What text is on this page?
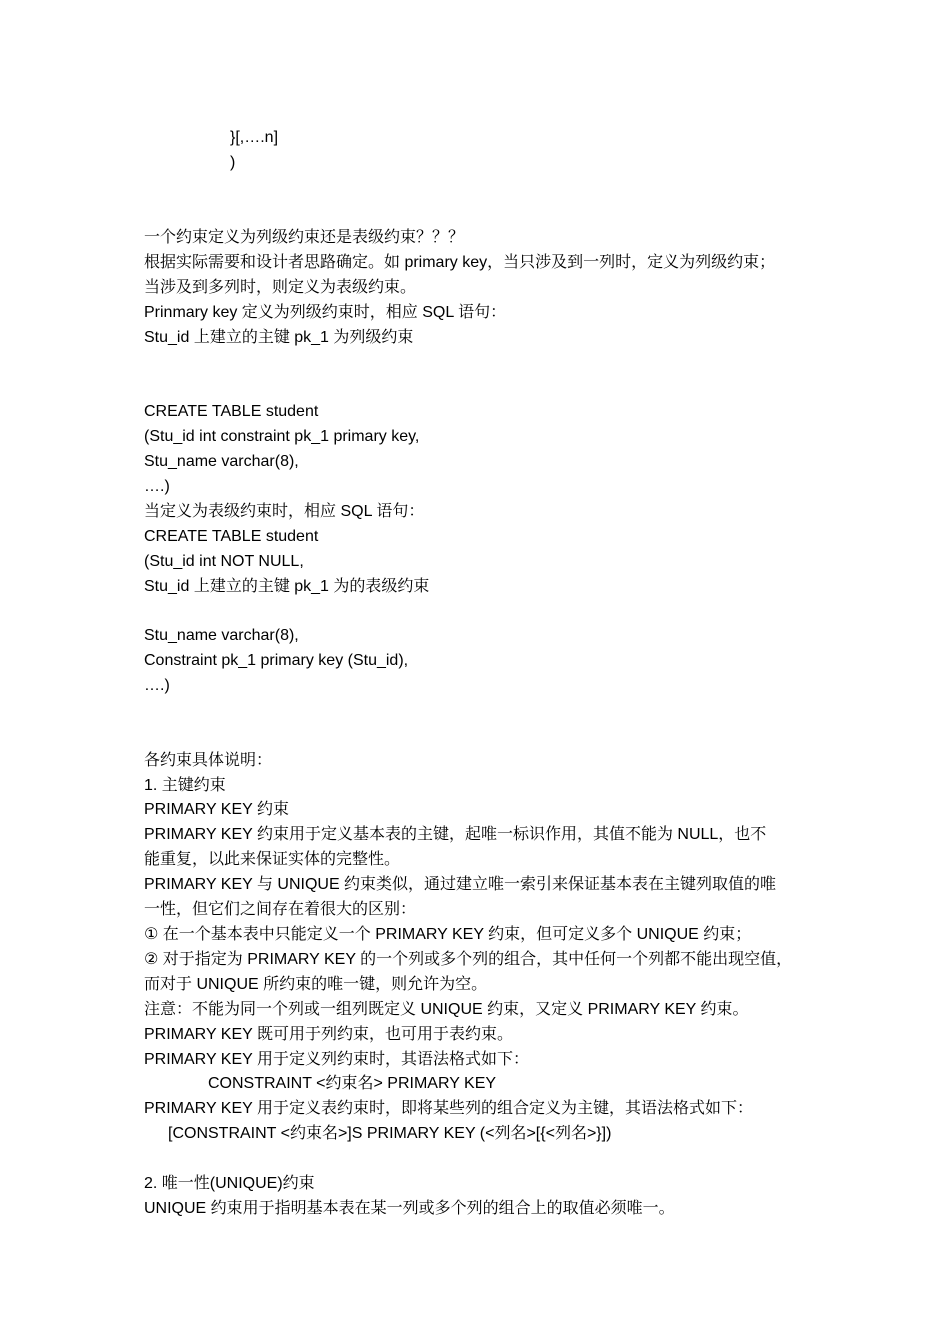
}[,….n]
)
一个约束定义为列级约束还是表级约束？？？
根据实际需要和设计者思路确定。如 primary key，当只涉及到一列时，定义为列级约束；
当涉及到多列时，则定义为表级约束。
Prinmary key 定义为列级约束时，相应 SQL 语句：
Stu_id 上建立的主键 pk_1 为列级约束
CREATE TABLE student
(Stu_id int constraint pk_1 primary key,
Stu_name varchar(8),
….)
当定义为表级约束时，相应 SQL 语句：
CREATE TABLE student
(Stu_id int NOT NULL,
Stu_id 上建立的主键 pk_1 为的表级约束
Stu_name varchar(8),
Constraint pk_1 primary key (Stu_id),
….)
各约束具体说明：
1. 主键约束
PRIMARY KEY 约束
PRIMARY KEY 约束用于定义基本表的主键，起唯一标识作用，其值不能为 NULL，也不
能重复，以此来保证实体的完整性。
PRIMARY KEY 与 UNIQUE 约束类似，通过建立唯一索引来保证基本表在主键列取值的唯
一性，但它们之间存在着很大的区别：
① 在一个基本表中只能定义一个 PRIMARY KEY 约束，但可定义多个 UNIQUE 约束；
② 对于指定为 PRIMARY KEY 的一个列或多个列的组合，其中任何一个列都不能出现空值，
而对于 UNIQUE 所约束的唯一键，则允许为空。
注意：不能为同一个列或一组列既定义 UNIQUE 约束，又定义 PRIMARY KEY 约束。
PRIMARY KEY 既可用于列约束，也可用于表约束。
PRIMARY KEY 用于定义列约束时，其语法格式如下：
CONSTRAINT <约束名> PRIMARY KEY
PRIMARY KEY 用于定义表约束时，即将某些列的组合定义为主键，其语法格式如下：
[CONSTRAINT <约束名>]S PRIMARY KEY (<列名>[{<列名>}])
2. 唯一性(UNIQUE)约束
UNIQUE 约束用于指明基本表在某一列或多个列的组合上的取值必须唯一。
